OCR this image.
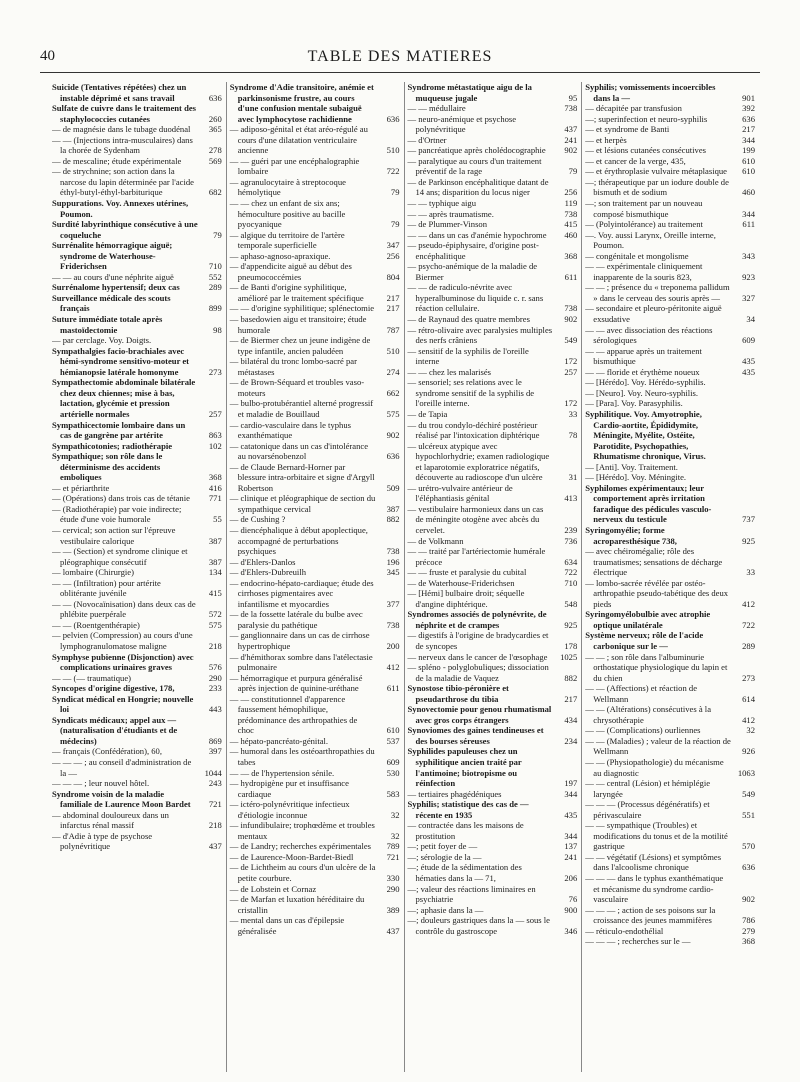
40	TABLE DES MATIERES
Suicide (Tentatives répétées) chez un instable déprimé et sans travail	636
Sulfate de cuivre dans le traitement des staphylococcies cutanées	260
— de magnésie dans le tubage duodénal	365
— — (Injections intra-musculaires) dans la chorée de Sydenham	278
— de mescaline; étude expérimentale	569
— de strychnine; son action dans la narcose du lapin déterminée par l'acide éthyl-butyl-éthyl-barbiturique	682
Suppurations. Voy. Annexes utérines, Poumon.
Surdité labyrinthique consécutive à une coqueluche	79
Surrénalite hémorragique aiguë; syndrome de Waterhouse-Friderichsen	710
— — au cours d'une néphrite aiguë	552
Surrénalome hypertensif; deux cas	289
Surveillance médicale des scouts français	899
Suture immédiate totale après mastoïdectomie	98
— par cerclage. Voy. Doigts.
Sympathalgies facio-brachiales avec hémi-syndrome sensitivo-moteur et hémianopsie latérale homonyme	273
Sympathectomie abdominale bilatérale chez deux chiennes; mise à bas, lactation, glycémie et pression artérielle normales	257
Sympathicectomie lombaire dans un cas de gangrène par artérite	863
Sympathicotonies; radiothérapie	102
Sympathique; son rôle dans le déterminisme des accidents emboliques	368
— et périarthrite	416
— (Opérations) dans trois cas de tétanie	771
— (Radiothérapie) par voie indirecte; étude d'une voie humorale	55
— cervical; son action sur l'épreuve vestibulaire calorique	387
— — (Section) et syndrome clinique et pléographique consécutif	387
— lombaire (Chirurgie)	134
— — (Infiltration) pour artérite oblitérante juvénile	415
— — (Novocaïnisation) dans deux cas de phlébite puerpérale	572
— — (Roentgenthérapie)	575
— pelvien (Compression) au cours d'une lymphogranulomatose maligne	218
Symphyse pubienne (Disjonction) avec complications urinaires graves	576
— — (— traumatique)	290
Syncopes d'origine digestive, 178,	233
Syndicat médical en Hongrie; nouvelle loi	443
Syndicats médicaux; appel aux — (naturalisation d'étudiants et de médecins)	869
— français (Confédération), 60,	397
— — — ; au conseil d'administration de la —	1044
— — — ; leur nouvel hôtel.	243
Syndrome voisin de la maladie familiale de Laurence Moon Bardet	721
— abdominal douloureux dans un infarctus rénal massif	218
— d'Adie à type de psychose polynévritique	437
Syndrome d'Adie transitoire, anémie et parkinsonisme frustre, au cours d'une confusion mentale subaiguë avec lymphocytose rachidienne	636
— adiposo-génital et état aréo-régulé au cours d'une dilatation ventriculaire ancienne	510
— — guéri par une encéphalographie lombaire	722
— agranulocytaire à streptocoque hémolytique	79
— — chez un enfant de six ans; hémoculture positive au bacille pyocyanique	79
— algique du territoire de l'artère temporale superficielle	347
— aphaso-agnoso-apraxique.	256
— d'appendicite aiguë au début des pneumococcémies	804
— de Banti d'origine syphilitique, amélioré par le traitement spécifique	217
— — d'origine syphilitique; splénectomie	217
— basedowien aigu et transitoire; étude humorale	787
— de Biermer chez un jeune indigène de type infantile, ancien paludéen	510
— bilatéral du tronc lombo-sacré par métastases	274
— de Brown-Séquard et troubles vaso-moteurs	662
— bulbo-protubérantiel alterné progressif et maladie de Bouillaud	575
— cardio-vasculaire dans le typhus exanthématique	902
— catatonique dans un cas d'intolérance au novarsénobenzol	636
— de Claude Bernard-Horner par blessure intra-orbitaire et signe d'Argyll Robertson	509
— clinique et pléographique de section du sympathique cervical	387
— de Cushing ?	882
— diencéphalique à début apoplectique, accompagné de perturbations psychiques	738
— d'Ehlers-Danlos	196
— d'Ehlers-Dubreuilh	345
— endocrino-hépato-cardiaque; étude des cirrhoses pigmentaires avec infantilisme et myocardies	377
— de la fossette latérale du bulbe avec paralysie du pathétique	738
— ganglionnaire dans un cas de cirrhose hypertrophique	200
— d'hémithorax sombre dans l'atélectasie pulmonaire	412
— hémorragique et purpura généralisé après injection de quinine-uréthane	611
— — constitutionnel d'apparence faussement hémophilique, prédominance des arthropathies de choc	610
— hépato-pancréato-génital.	537
— humoral dans les ostéoarthropathies du tabes	609
— — de l'hypertension sénile.	530
— hydropigène pur et insuffisance cardiaque	583
— ictéro-polynévritique infectieux d'étiologie inconnue	32
— infundibulaire; trophœdème et troubles mentaux	32
— de Landry; recherches expérimentales	789
— de Laurence-Moon-Bardet-Biedl	721
— de Lichtheim au cours d'un ulcère de la petite courbure.	330
— de Lobstein et Cornaz	290
— de Marfan et luxation héréditaire du cristallin	389
— mental dans un cas d'épilepsie généralisée	437
Syndrome métastatique aigu de la muqueuse jugale	95
— — médullaire	738
— neuro-anémique et psychose polynévritique	437
— d'Ortner	241
— pancréatique après cholédocographie	902
— paralytique au cours d'un traitement préventif de la rage	79
— de Parkinson encéphalitique datant de 14 ans; disparition du locus niger	256
— — typhique aigu	119
— — après traumatisme.	738
— de Plummer-Vinson	415
— — dans un cas d'anémie hypochrome	460
— pseudo-épiphysaire, d'origine post-encéphalitique	368
— psycho-anémique de la maladie de Biermer	611
— — de radiculo-névrite avec hyperalbuminose du liquide c. r. sans réaction cellulaire.	738
— de Raynaud des quatre membres	902
— rétro-olivaire avec paralysies multiples des nerfs crâniens	549
— sensitif de la syphilis de l'oreille interne	172
— — chez les malarisés	257
— sensoriel; ses relations avec le syndrome sensitif de la syphilis de l'oreille interne.	172
— de Tapia	33
— du trou condylo-déchiré postérieur réalisé par l'intoxication diphtérique	78
— ulcéreux atypique avec hypochlorhydrie; examen radiologique et laparotomie exploratrice négatifs, découverte au radioscope d'un ulcère	31
— urétro-vulvaire antérieur de l'éléphantiasis génital	413
— vestibulaire harmonieux dans un cas de méningite otogène avec abcès du cervelet.	239
— de Volkmann	736
— — traité par l'artériectomie humérale précoce	634
— — fruste et paralysie du cubital	722
— de Waterhouse-Friderichsen	710
— [Hémi] bulbaire droit; séquelle d'angine diphtérique.	548
Syndromes associés de polynévrite, de néphrite et de crampes	925
— digestifs à l'origine de bradycardies et de syncopes	178
— nerveux dans le cancer de l'œsophage	1025
— spléno - polyglobuliques; dissociation de la maladie de Vaquez	882
Synostose tibio-péronière et pseudarthrose du tibia	217
Synovectomie pour genou rhumatismal avec gros corps étrangers	434
Synoviomes des gaines tendineuses et des bourses séreuses	234
Syphilides papuleuses chez un syphilitique ancien traité par l'antimoine; biotropisme ou réinfection	197
— tertiaires phagédéniques	344
Syphilis; statistique des cas de — récente en 1935	435
— contractée dans les maisons de prostitution	344
—; petit foyer de —	137
—; sérologie de la —	241
—; étude de la sédimentation des hématies dans la — 71,	206
—; valeur des réactions liminaires en psychiatrie	76
—; aphasie dans la —	900
—; douleurs gastriques dans la — sous le contrôle du gastroscope	346
Syphilis; vomissements incoercibles dans la —	901
— décapitée par transfusion	392
—; superinfection et neuro-syphilis	636
— et syndrome de Banti	217
— et herpès	344
— et lésions cutanées consécutives	199
— et cancer de la verge, 435,	610
— et érythroplasie vulvaire métaplasique	610
—; thérapeutique par un iodure double de bismuth et de sodium	460
—; son traitement par un nouveau composé bismuthique	344
— (Polyintolérance) au traitement	611
—. Voy. aussi Larynx, Oreille interne, Poumon.
— congénitale et mongolisme	343
— — expérimentale cliniquement inapparente de la souris 823,	923
— — ; présence du « treponema pallidum » dans le cerveau des souris après —	327
— secondaire et pleuro-péritonite aiguë exsudative	34
— — avec dissociation des réactions sérologiques	609
— — apparue après un traitement bismuthique	435
— — floride et érythème noueux	435
— [Hérédo]. Voy. Hérédo-syphilis.
— [Neuro]. Voy. Neuro-syphilis.
— [Para]. Voy. Parasyphilis.
Syphilitique. Voy. Amyotrophie, Cardio-aortite, Épididymite, Méningite, Myélite, Ostéite, Parotidite, Psychopathies, Rhumatisme chronique, Virus.
— [Anti]. Voy. Traitement.
— [Hérédo]. Voy. Méningite.
Syphilomes expérimentaux; leur comportement après irritation faradique des pédicules vasculo-nerveux du testicule	737
Syringomyélie; forme acroparesthésique 738,	925
— avec chéiromégalie; rôle des traumatismes; sensations de décharge électrique	33
— lombo-sacrée révélée par ostéo-arthropathie pseudo-tabétique des deux pieds	412
Syringomyélobulbie avec atrophie optique unilatérale	722
Système nerveux; rôle de l'acide carbonique sur le —	289
— — ; son rôle dans l'albuminurie orthostatique physiologique du lapin et du chien	273
— — (Affections) et réaction de Wellmann	614
— — (Altérations) consécutives à la chrysothérapie	412
— — (Complications) ourliennes	32
— — (Maladies) ; valeur de la réaction de Wellmann	926
— — (Physiopathologie) du mécanisme au diagnostic	1063
— — central (Lésion) et hémiplégie laryngée	549
— — — (Processus dégénératifs) et périvasculaire	551
— — sympathique (Troubles) et modifications du tonus et de la motilité gastrique	570
— — végétatif (Lésions) et symptômes dans l'alcoolisme chronique	636
— — — dans le typhus exanthématique et mécanisme du syndrome cardio-vasculaire	902
— — — ; action de ses poisons sur la croissance des jeunes mammifères	786
— réticulo-endothélial	279
— — — ; recherches sur le —	368
